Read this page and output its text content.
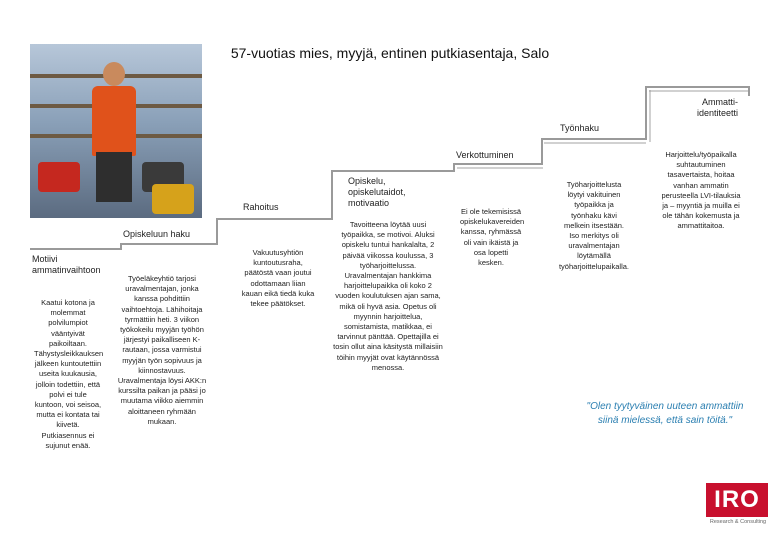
57-vuotias mies, myyjä, entinen putkiasentaja, Salo
Motiivi ammatinvaihtoon
Opiskeluun haku
Rahoitus
Opiskelu, opiskelutaidot, motivaatio
Verkottuminen
Työnhaku
Ammatti-identiteetti
Kaatui kotona ja molemmat polvilumpiot vääntyivät paikoiltaan. Tähystysleikkauksen jälkeen kuntoutettiin useita kuukausia, jolloin todettiin, että polvi ei tule kuntoon, voi seisoa, mutta ei kontata tai kiivetä. Putkiasennus ei sujunut enää.
Työeläkeyhtiö tarjosi uravalmentajan, jonka kanssa pohdittiin vaihtoehtoja. Lähihoitaja tyrmättiin heti. 3 viikon työkokeilu myyjän työhön järjestyi paikalliseen K-rautaan, jossa varmistui myyjän työn sopivuus ja kiinnostavuus. Uravalmentaja löysi AKK:n kurssilta paikan ja pääsi jo muutama viikko aiemmin aloittaneen ryhmään mukaan.
Vakuutusyhtiön kuntoutusraha, päätöstä vaan joutui odottamaan liian kauan eikä tiedä kuka tekee päätökset.
Tavoitteena löytää uusi työpaikka, se motivoi. Aluksi opiskelu tuntui hankalalta, 2 päivää viikossa koulussa, 3 työharjoittelussa. Uravalmentajan hankkima harjoittelupaikka oli koko 2 vuoden koulutuksen ajan sama, mikä oli hyvä asia. Opetus oli myynnin harjoittelua, somistamista, matikkaa, ei tarvinnut pänttää. Opettajilla ei tosin ollut aina käsitystä millaisiin töihin myyjät ovat käytännössä menossa.
Ei ole tekemisissä opiskelukavereiden kanssa, ryhmässä oli vain ikäistä ja osa lopetti kesken.
Työharjoittelusta löytyi vakituinen työpaikka ja työnhaku kävi melkein itsestään. Iso merkitys oli uravalmentajan löytämällä työharjoittelupaikalla.
Harjoittelu/työpaikalla suhtautuminen tasavertaista, hoitaa vanhan ammatin perusteella LVI-tilauksia ja – myyntiä ja muilla ei ole tähän kokemusta ja ammattitaitoa.
"Olen tyytyväinen uuteen ammattiin siinä mielessä, että sain töitä."
IRO
Research & Consulting
